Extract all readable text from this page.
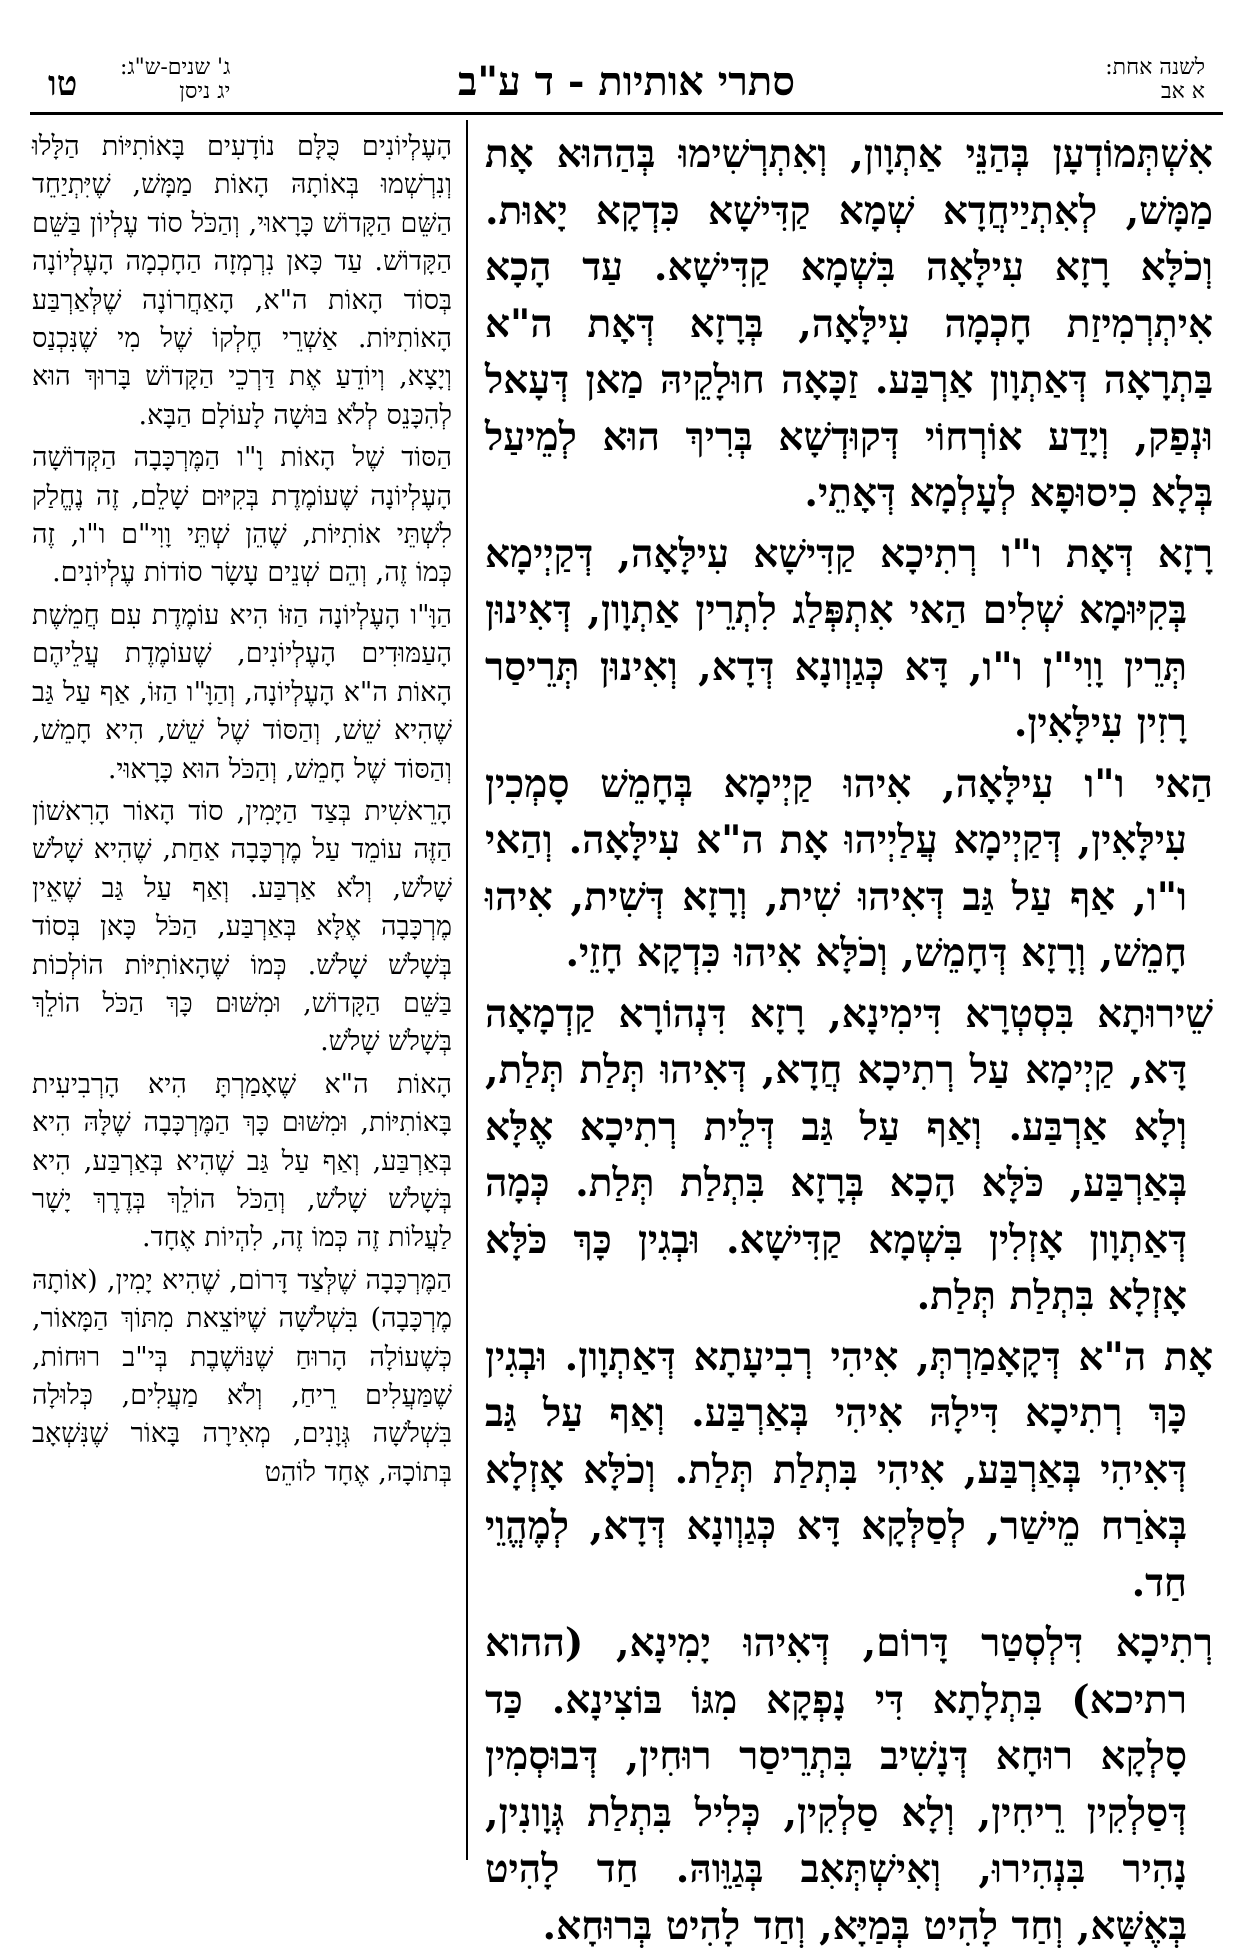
לשנה אחת:
א אב
סתרי אותיות - ד ע"ב
ג' שנים-ש"ג:
יג ניסן
טו

אִשְׁתְּמוֹדְעָן בְּהַנֵּי אַתְוָון, וְאִתְרְשִׁימוּ בְּהַהוּא אָת מַמָּשׁ, לְאִתְיַיחֲדָא שְׁמָא קַדִּישָׁא כִּדְקָא יָאוּת. וְכֹלָּא רָזָא עִילָּאָה בִּשְׁמָא קַדִּישָׁא. עַד הָכָא אִיתְרְמִיזַת חָכְמָה עִילָּאָה, בְּרָזָא דְּאָת ה"א בַּתְרָאָה דְּאַתְוָון אַרְבַּע. זַכָּאָה חוּלָקֵיהּ מַאן דְּעָאל וּנְפַק, וְיָדַע אוֹרְחוֹי דְּקוּדְשָׁא בְּרִיךְ הוּא לְמֵיעַל בְּלָא כִיסוּפָא לְעָלְמָא דְּאָתֵי.

רָזָא דְּאָת ו"ו רְתִיכָא קַדִּישָׁא עִילָּאָה, דְּקַיְימָא בְּקִיּוּמָא שְׁלִים הַאי אִתְפְּלַג לִתְרֵין אַתְוָון, דְּאִינוּן תְּרֵין וָוִי"ן ו"ו, דָּא כְּגַוְונָא דְּדָא, וְאִינוּן תְּרֵיסַר רָזִין עִילָּאִין.

הַאי ו"ו עִילָּאָה, אִיהוּ קַיְימָא בְּחָמֵשׁ סָמְכִין עִילָּאִין, דְּקַיְימָא עֲלַיְיהוּ אָת ה"א עִילָּאָה. וְהַאי ו"ו, אַף עַל גַּב דְּאִיהוּ שִׁית, וְרָזָא דְּשִׁית, אִיהוּ חָמֵשׁ, וְרָזָא דְּחָמֵשׁ, וְכֹלָּא אִיהוּ כִּדְקָא חָזֵי.

שֵׁירוּתָא בִּסְטְרָא דִּימִינָא, רָזָא דִּנְהוֹרָא קַדְמָאָה דָּא, קַיְימָא עַל רְתִיכָא חֲדָא, דְּאִיהוּ תְּלַת תְּלַת, וְלָא אַרְבַּע. וְאַף עַל גַּב דְּלֵית רְתִיכָא אֶלָּא בְּאַרְבַּע, כֹּלָּא הָכָא בְּרָזָא בִּתְלַת תְּלַת. כְּמָה דְּאַתְוָון אָזְלִין בִּשְׁמָא קַדִּישָׁא. וּבְגִין כָּךְ כֹּלָּא אָזְלָא בִּתְלַת תְּלַת.

אָת ה"א דְּקָאָמַרְתְּ, אִיהִי רְבִיעָתָא דְּאַתְוָון. וּבְגִין כָּךְ רְתִיכָא דִּילָהּ אִיהִי בְּאַרְבַּע. וְאַף עַל גַּב דְּאִיהִי בְּאַרְבַּע, אִיהִי בִּתְלַת תְּלַת. וְכֹלָּא אָזְלָא בְּאֹרַח מֵישַׁר, לְסַלְּקָא דָּא כְּגַוְונָא דְּדָא, לְמֶהֱוֵי חַד.

רְתִיכָא דִּלְסְטַר דָּרוֹם, דְּאִיהוּ יָמִינָא, (ההוא רתיכא) בִּתְלָתָא דִּי נָפְקָא מִגּוֹ בּוֹצִינָא. כַּד סָלְקָא רוּחָא דְּנָשִׁיב בִּתְרֵיסַר רוּחִין, דְּבוּסְמִין דְּסַלְקִין רֵיחִין, וְלָא סַלְקִין, כְּלִיל בִּתְלַת גְּוָונִין, נָהִיר בִּנְהִירוּ, וְאִישְׁתְּאִב בְּגַוֵּוהּ. חַד לָהִיט בְּאֶשָּׁא, וְחַד לָהִיט בְּמַיָּא, וְחַד לָהִיט בְּרוּחָא.

הָעֶלְיוֹנִים כֻּלָּם נוֹדָעִים בָּאוֹתִיּוֹת הַלָּלוּ וְנִרְשְׁמוּ בְּאוֹתָהּ הָאוֹת מַמָּשׁ, שֶׁיִּתְיַחֵד הַשֵּׁם הַקָּדוֹשׁ כָּרָאוּי, וְהַכֹּל סוֹד עֶלְיוֹן בַּשֵּׁם הַקָּדוֹשׁ. עַד כָּאן נִרְמְזָה הַחָכְמָה הָעֶלְיוֹנָה בְּסוֹד הָאוֹת ה"א, הָאַחֲרוֹנָה שֶׁלְּאַרְבַּע הָאוֹתִיּוֹת. אַשְׁרֵי חֶלְקוֹ שֶׁל מִי שֶׁנִּכְנַס וְיָצָא, וְיוֹדֵעַ אֶת דַּרְכֵי הַקָּדוֹשׁ בָּרוּךְ הוּא לְהִכָּנֵס לְלֹא בּוּשָׁה לָעוֹלָם הַבָּא.

הַסּוֹד שֶׁל הָאוֹת וָ"ו הַמֶּרְכָּבָה הַקְּדוֹשָׁה הָעֶלְיוֹנָה שֶׁעוֹמֶדֶת בְּקִיּוּם שָׁלֵם, זֶה נֶחֱלַק לִשְׁתֵּי אוֹתִיּוֹת, שֶׁהֵן שְׁתֵּי וָוִי"ם ו"ו, זֶה כְּמוֹ זֶה, וְהֵם שְׁנֵים עָשָׂר סוֹדוֹת עֶלְיוֹנִים.

הַוָּ"ו הָעֶלְיוֹנָה הַזּוֹ הִיא עוֹמֶדֶת עִם חֲמֵשֶׁת הָעַמּוּדִים הָעֶלְיוֹנִים, שֶׁעוֹמֶדֶת עֲלֵיהֶם הָאוֹת ה"א הָעֶלְיוֹנָה, וְהַוָּ"ו הַזּוֹ, אַף עַל גַּב שֶׁהִיא שֵׁשׁ, וְהַסּוֹד שֶׁל שֵׁשׁ, הִיא חָמֵשׁ, וְהַסּוֹד שֶׁל חָמֵשׁ, וְהַכֹּל הוּא כָּרָאוּי.

הָרֵאשִׁית בְּצַד הַיָּמִין, סוֹד הָאוֹר הָרִאשׁוֹן הַזֶּה עוֹמֵד עַל מֶרְכָּבָה אַחַת, שֶׁהִיא שָׁלֹשׁ שָׁלֹשׁ, וְלֹא אַרְבַּע. וְאַף עַל גַּב שֶׁאֵין מֶרְכָּבָה אֶלָּא בְּאַרְבַּע, הַכֹּל כָּאן בְּסוֹד בְּשָׁלֹשׁ שָׁלֹשׁ. כְּמוֹ שֶׁהָאוֹתִיּוֹת הוֹלְכוֹת בַּשֵּׁם הַקָּדוֹשׁ, וּמִשּׁוּם כָּךְ הַכֹּל הוֹלֵךְ בְּשָׁלֹשׁ שָׁלֹשׁ.

הָאוֹת ה"א שֶׁאָמַרְתָּ הִיא הָרְבִיעִית בָּאוֹתִיּוֹת, וּמִשּׁוּם כָּךְ הַמֶּרְכָּבָה שֶׁלָּהּ הִיא בְּאַרְבַּע, וְאַף עַל גַּב שֶׁהִיא בְּאַרְבַּע, הִיא בְּשָׁלֹשׁ שָׁלֹשׁ, וְהַכֹּל הוֹלֵךְ בְּדֶרֶךְ יָשָׁר לַעֲלוֹת זֶה כְּמוֹ זֶה, לִהְיוֹת אֶחָד.

הַמֶּרְכָּבָה שֶׁלְּצַד דָּרוֹם, שֶׁהִיא יָמִין, (אוֹתָהּ מֶרְכָּבָה) בִּשְׁלֹשָׁה שֶׁיּוֹצֵאת מִתּוֹךְ הַמָּאוֹר, כְּשֶׁעוֹלָה הָרוּחַ שֶׁנּוֹשֶׁבֶת בְּי"ב רוּחוֹת, שֶׁמַּעֲלִים רֵיחַ, וְלֹא מַעֲלִים, כְּלוּלָה בִּשְׁלֹשָׁה גְּוָנִים, מְאִירָה בָּאוֹר שֶׁנִּשְׁאָב בְּתוֹכָהּ, אֶחָד לוֹהֵט
